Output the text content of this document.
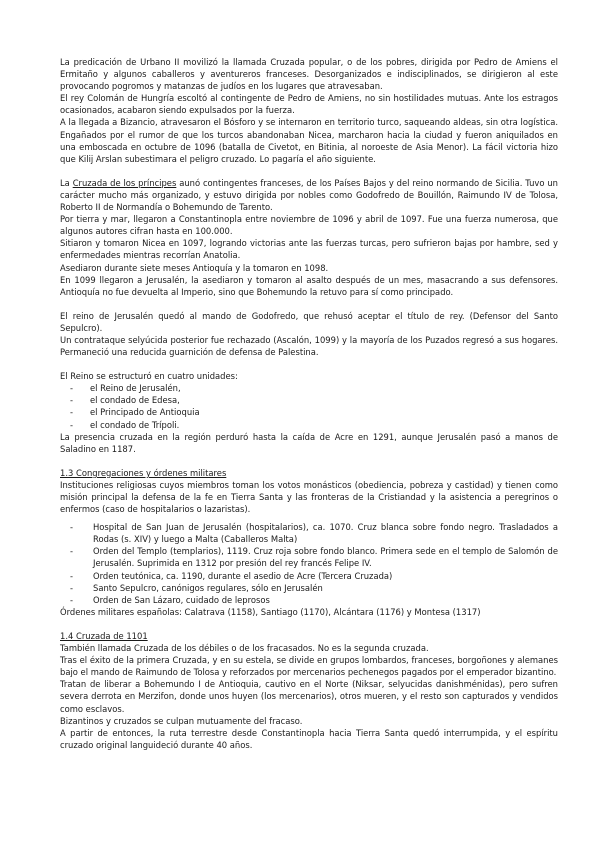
La predicación de Urbano II movilizó la llamada Cruzada popular, o de los pobres, dirigida por Pedro de Amiens el Ermitaño y algunos caballeros y aventureros franceses. Desorganizados e indisciplinados, se dirigieron al este provocando pogromos y matanzas de judíos en los lugares que atravesaban.

El rey Colomán de Hungría escoltó al contingente de Pedro de Amiens, no sin hostilidades mutuas. Ante los estragos ocasionados, acabaron siendo expulsados por la fuerza.

A la llegada a Bizancio, atravesaron el Bósforo y se internaron en territorio turco, saqueando aldeas, sin otra logística. Engañados por el rumor de que los turcos abandonaban Nicea, marcharon hacia la ciudad y fueron aniquilados en una emboscada en octubre de 1096 (batalla de Civetot, en Bitinia, al noroeste de Asia Menor). La fácil victoria hizo que Kilij Arslan subestimara el peligro cruzado. Lo pagaría el año siguiente.

La Cruzada de los príncipes aunó contingentes franceses, de los Países Bajos y del reino normando de Sicilia. Tuvo un carácter mucho más organizado, y estuvo dirigida por nobles como Godofredo de Bouillón, Raimundo IV de Tolosa, Roberto II de Normandía o Bohemundo de Tarento.

Por tierra y mar, llegaron a Constantinopla entre noviembre de 1096 y abril de 1097. Fue una fuerza numerosa, que algunos autores cifran hasta en 100.000.

Sitiaron y tomaron Nicea en 1097, logrando victorias ante las fuerzas turcas, pero sufrieron bajas por hambre, sed y enfermedades mientras recorrían Anatolia.

Asediaron durante siete meses Antioquía y la tomaron en 1098.

En 1099 llegaron a Jerusalén, la asediaron y tomaron al asalto después de un mes, masacrando a sus defensores. Antioquía no fue devuelta al Imperio, sino que Bohemundo la retuvo para sí como principado.

El reino de Jerusalén quedó al mando de Godofredo, que rehusó aceptar el título de rey. (Defensor del Santo Sepulcro).

Un contrataque selyúcida posterior fue rechazado (Ascalón, 1099) y la mayoría de los Puzados regresó a sus hogares. Permaneció una reducida guarnición de defensa de Palestina.

El Reino se estructuró en cuatro unidades:

- el Reino de Jerusalén,
- el condado de Edesa,
- el Principado de Antioquia
- el condado de Trípoli.

La presencia cruzada en la región perduró hasta la caída de Acre en 1291, aunque Jerusalén pasó a manos de Saladino en 1187.

1.3 Congregaciones y órdenes militares

Instituciones religiosas cuyos miembros toman los votos monásticos (obediencia, pobreza y castidad) y tienen como misión principal la defensa de la fe en Tierra Santa y las fronteras de la Cristiandad y la asistencia a peregrinos o enfermos (caso de hospitalarios o lazaristas).

- Hospital de San Juan de Jerusalén (hospitalarios), ca. 1070. Cruz blanca sobre fondo negro. Trasladados a Rodas (s. XIV) y luego a Malta (Caballeros Malta)
- Orden del Templo (templarios), 1119. Cruz roja sobre fondo blanco. Primera sede en el templo de Salomón de Jerusalén. Suprimida en 1312 por presión del rey francés Felipe IV.
- Orden teutónica, ca. 1190, durante el asedio de Acre (Tercera Cruzada)
- Santo Sepulcro, canónigos regulares, sólo en Jerusalén
- Orden de San Lázaro, cuidado de leprosos

Órdenes militares españolas: Calatrava (1158), Santiago (1170), Alcántara (1176) y Montesa (1317)

1.4 Cruzada de 1101

También llamada Cruzada de los débiles o de los fracasados. No es la segunda cruzada.

Tras el éxito de la primera Cruzada, y en su estela, se divide en grupos lombardos, franceses, borgoñones y alemanes bajo el mando de Raimundo de Tolosa y reforzados por mercenarios pechenegos pagados por el emperador bizantino.

Tratan de liberar a Bohemundo I de Antioquia, cautivo en el Norte (Niksar, selyucidas danishménidas), pero sufren severa derrota en Merzifon, donde unos huyen (los mercenarios), otros mueren, y el resto son capturados y vendidos como esclavos.

Bizantinos y cruzados se culpan mutuamente del fracaso.

A partir de entonces, la ruta terrestre desde Constantinopla hacia Tierra Santa quedó interrumpida, y el espíritu cruzado original languideció durante 40 años.
